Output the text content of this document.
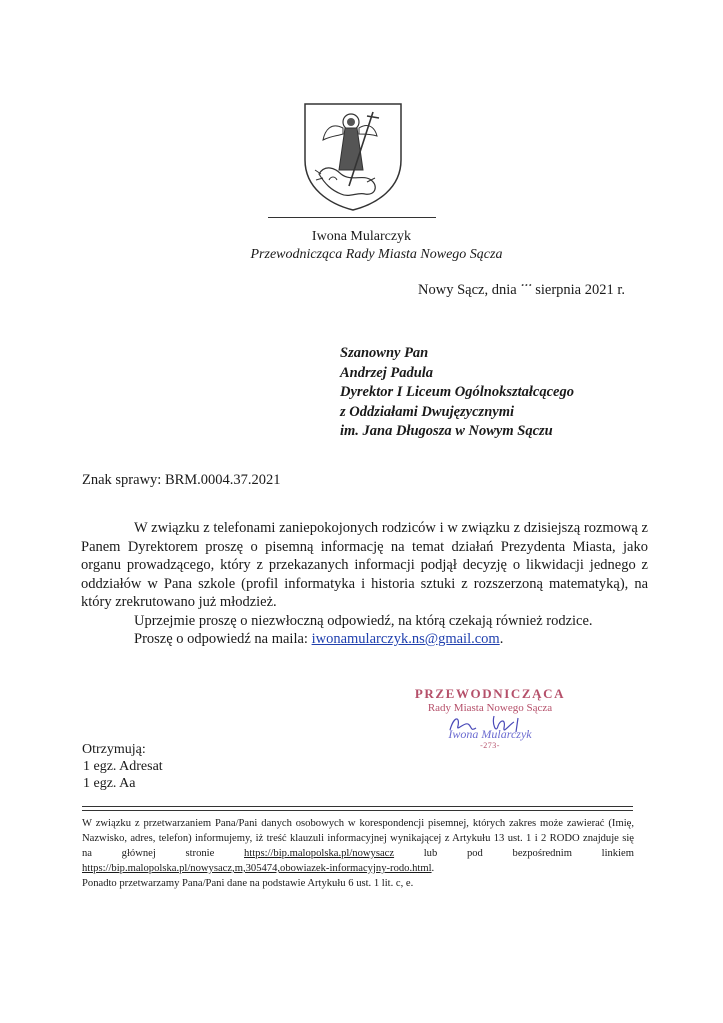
Iwona Mularczyk
Przewodnicząca Rady Miasta Nowego Sącza
Nowy Sącz, dnia ... sierpnia 2021 r.
Szanowny Pan
Andrzej Padula
Dyrektor I Liceum Ogólnokształcącego
z Oddziałami Dwujęzycznymi
im. Jana Długosza w Nowym Sączu
Znak sprawy: BRM.0004.37.2021

W związku z telefonami zaniepokojonych rodziców i w związku z dzisiejszą rozmową z Panem Dyrektorem proszę o pisemną informację na temat działań Prezydenta Miasta, jako organu prowadzącego, który z przekazanych informacji podjął decyzję o likwidacji jednego z oddziałów w Pana szkole (profil informatyka i historia sztuki z rozszerzoną matematyką), na który zrekrutowano już młodzież.

Uprzejmie proszę o niezwłoczną odpowiedź, na którą czekają również rodzice.

Proszę o odpowiedź na maila: iwonamularczyk.ns@gmail.com.

PRZEWODNICZĄCA
Rady Miasta Nowego Sącza
Iwona Mularczyk
-273-
Otrzymują:
1 egz. Adresat
1 egz. Aa

W związku z przetwarzaniem Pana/Pani danych osobowych w korespondencji pisemnej, których zakres może zawierać (Imię, Nazwisko, adres, telefon) informujemy, iż treść klauzuli informacyjnej wynikającej z Artykułu 13 ust. 1 i 2 RODO znajduje się na głównej stronie https://bip.malopolska.pl/nowysacz lub pod bezpośrednim linkiem https://bip.malopolska.pl/nowysacz,m,305474,obowiazek-informacyjny-rodo.html.

Ponadto przetwarzamy Pana/Pani dane na podstawie Artykułu 6 ust. 1 lit. c, e.
